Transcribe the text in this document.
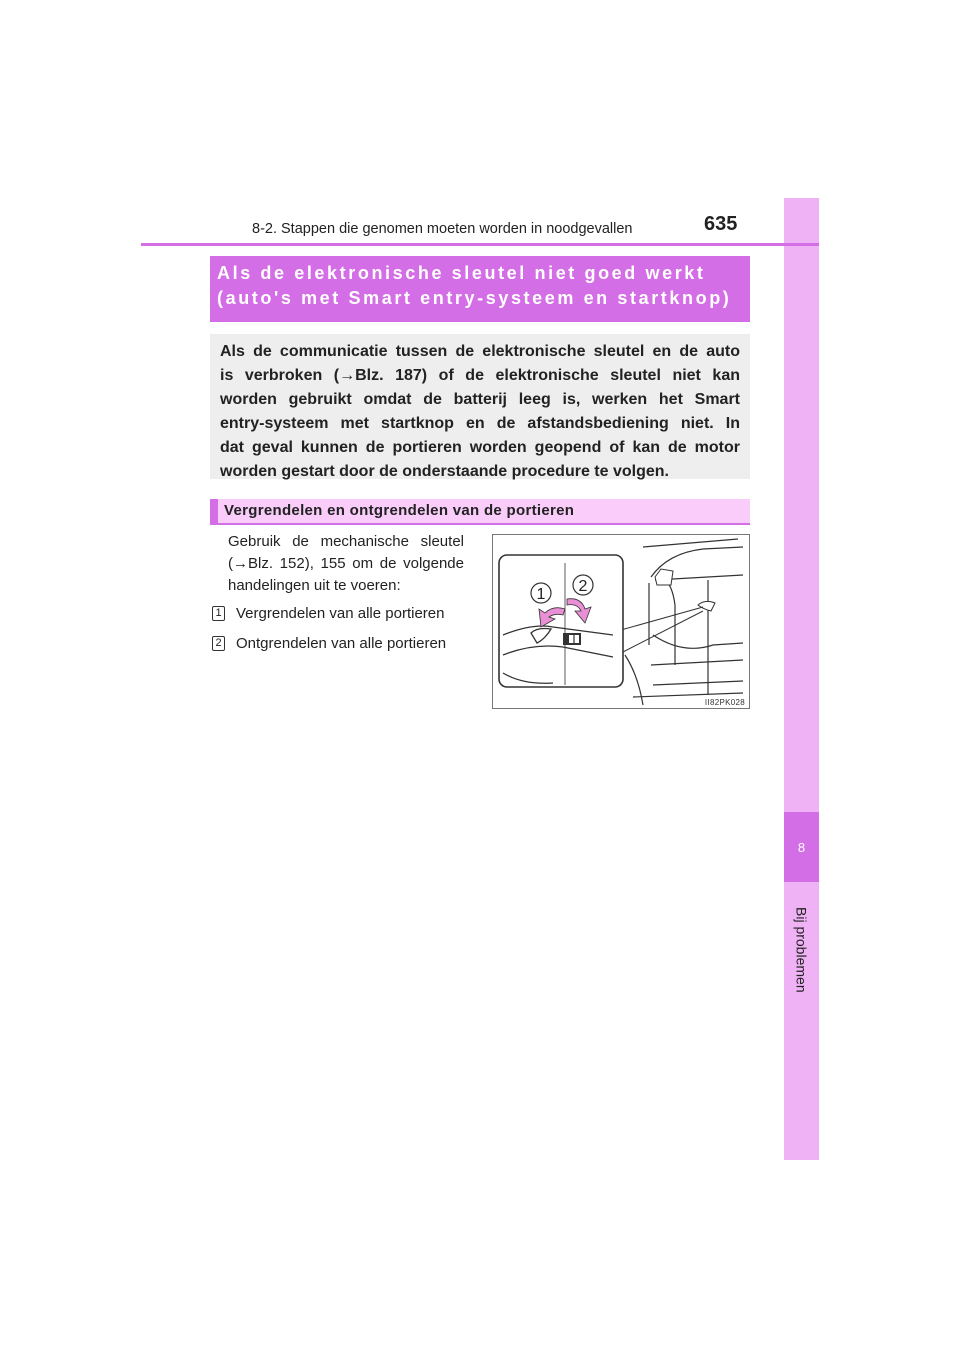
8
Bij problemen
8-2. Stappen die genomen moeten worden in noodgevallen	635
Als de elektronische sleutel niet goed werkt
(auto's met Smart entry-systeem en startknop)
Als de communicatie tussen de elektronische sleutel en de auto
is verbroken (→Blz. 187) of de elektronische sleutel niet kan
worden gebruikt omdat de batterij leeg is, werken het Smart
entry-systeem met startknop en de afstandsbediening niet. In
dat geval kunnen de portieren worden geopend of kan de motor
worden gestart door de onderstaande procedure te volgen.
Vergrendelen en ontgrendelen van de portieren
Gebruik de mechanische sleutel (→Blz. 152), 155 om de volgende handelingen uit te voeren:
1 Vergrendelen van alle portieren
2 Ontgrendelen van alle portieren
1 2
II82PK028
